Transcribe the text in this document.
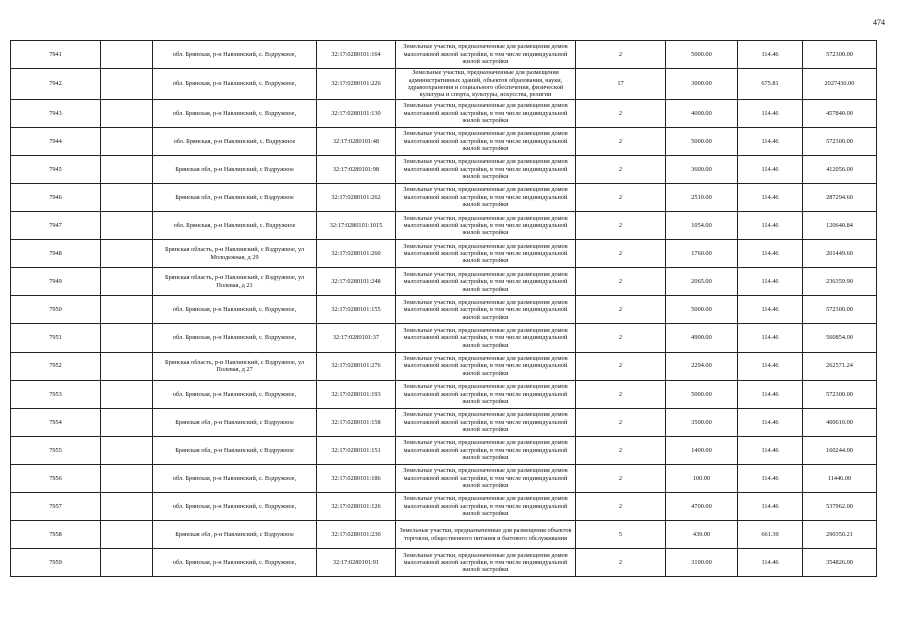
474
7941		обл. Брянская, р-н Навлинский, с. Вздружное,	32:17:0280101:164	Земельные участки, предназначенные для размещения домов малоэтажной жилой застройки, в том числе индивидуальной жилой застройки	2	5000.00	114.46	572300.00
7942		обл. Брянская, р-н Навлинский, с. Вздружное,	32:17:0280101:226	Земельные участки, предназначенные для размещения административных зданий, объектов образования, науки, здравоохранения и социального обеспечения, физической культуры и спорта, культуры, искусства, религии	17	3000.00	675.81	2027430.00
7943		обл. Брянская, р-н Навлинский, с. Вздружное,	32:17:0280101:130	Земельные участки, предназначенные для размещения домов малоэтажной жилой застройки, в том числе индивидуальной жилой застройки	2	4000.00	114.46	457840.00
7944		обл. Брянская, р-н Навлинский, с. Вздружное	32:17:0280101:48	Земельные участки, предназначенные для размещения домов малоэтажной жилой застройки, в том числе индивидуальной жилой застройки	2	5000.00	114.46	572300.00
7945		Брянская обл, р-н Навлинский, с Вздружное	32:17:0280101:98	Земельные участки, предназначенные для размещения домов малоэтажной жилой застройки, в том числе индивидуальной жилой застройки	2	3600.00	114.46	412056.00
7946		Брянская обл, р-н Навлинский, с Вздружное	32:17:0280101:262	Земельные участки, предназначенные для размещения домов малоэтажной жилой застройки, в том числе индивидуальной жилой застройки	2	2510.00	114.46	287294.60
7947		обл. Брянская, р-н Навлинский, с. Вздружное	32:17:0280101:1015	Земельные участки, предназначенные для размещения домов малоэтажной жилой застройки, в том числе индивидуальной жилой застройки	2	1054.00	114.46	120640.84
7948		Брянская область, р-н Навлинский, с Вздружное, ул Молодежная, д 29	32:17:0280101:260	Земельные участки, предназначенные для размещения домов малоэтажной жилой застройки, в том числе индивидуальной жилой застройки	2	1760.00	114.46	201449.60
7949		Брянская область, р-н Навлинский, с Вздружное, ул Полевая, д 21	32:17:0280101:248	Земельные участки, предназначенные для размещения домов малоэтажной жилой застройки, в том числе индивидуальной жилой застройки	2	2065.00	114.46	236359.90
7950		обл. Брянская, р-н Навлинский, с. Вздружное,	32:17:0280101:155	Земельные участки, предназначенные для размещения домов малоэтажной жилой застройки, в том числе индивидуальной жилой застройки	2	5000.00	114.46	572300.00
7951		обл. Брянская, р-н Навлинский, с. Вздружное,	32:17:0280101:37	Земельные участки, предназначенные для размещения домов малоэтажной жилой застройки, в том числе индивидуальной жилой застройки	2	4900.00	114.46	560854.00
7952		Брянская область, р-н Навлинский, с Вздружное, ул Полевая, д 27	32:17:0280101:276	Земельные участки, предназначенные для размещения домов малоэтажной жилой застройки, в том числе индивидуальной жилой застройки	2	2294.00	114.46	262571.24
7953		обл. Брянская, р-н Навлинский, с. Вздружное,	32:17:0280101:193	Земельные участки, предназначенные для размещения домов малоэтажной жилой застройки, в том числе индивидуальной жилой застройки	2	5000.00	114.46	572300.00
7954		Брянская обл, р-н Навлинский, с Вздружное	32:17:0280101:158	Земельные участки, предназначенные для размещения домов малоэтажной жилой застройки, в том числе индивидуальной жилой застройки	2	3500.00	114.46	400610.00
7955		Брянская обл, р-н Навлинский, с Вздружное	32:17:0280101:151	Земельные участки, предназначенные для размещения домов малоэтажной жилой застройки, в том числе индивидуальной жилой застройки	2	1400.00	114.46	160244.00
7956		обл. Брянская, р-н Навлинский, с. Вздружное,	32:17:0280101:186	Земельные участки, предназначенные для размещения домов малоэтажной жилой застройки, в том числе индивидуальной жилой застройки	2	100.00	114.46	11446.00
7957		обл. Брянская, р-н Навлинский, с. Вздружное,	32:17:0280101:126	Земельные участки, предназначенные для размещения домов малоэтажной жилой застройки, в том числе индивидуальной жилой застройки	2	4700.00	114.46	537962.00
7958		Брянская обл, р-н Навлинский, с Вздружное	32:17:0280101:230	Земельные участки, предназначенные для размещения объектов торговли, общественного питания и бытового обслуживания	5	439.00	661.39	290350.21
7959		обл. Брянская, р-н Навлинский, с. Вздружное,	32:17:0280101:91	Земельные участки, предназначенные для размещения домов малоэтажной жилой застройки, в том числе индивидуальной жилой застройки	2	3100.00	114.46	354826.00
